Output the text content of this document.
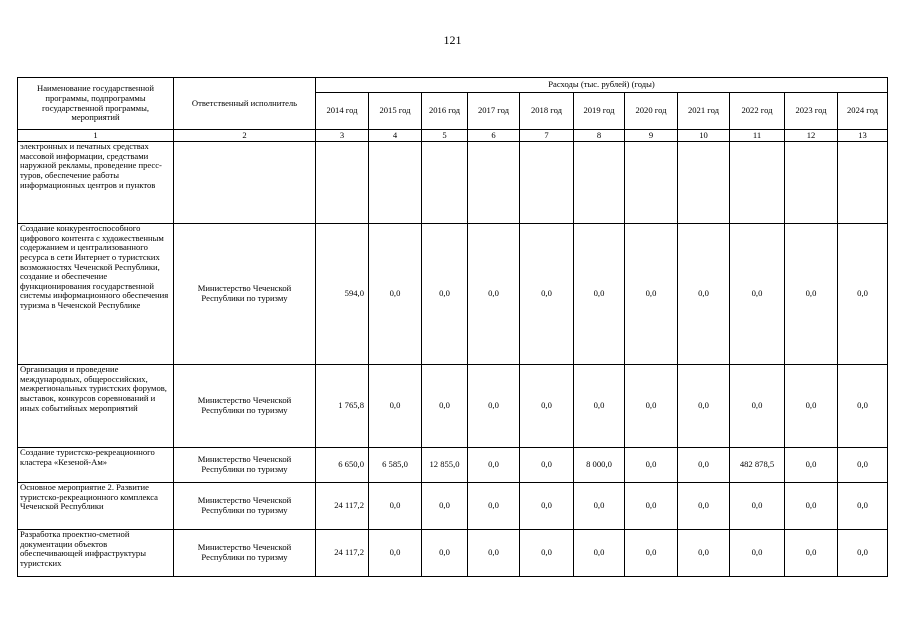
121
Наименование государственной программы, подпрограммы государственной программы, мероприятий	Ответственный исполнитель	Расходы (тыс. рублей) (годы)										
		2014 год	2015 год	2016 год	2017 год	2018 год	2019 год	2020 год	2021 год	2022 год	2023 год	2024 год
1	2	3	4	5	6	7	8	9	10	11	12	13
электронных и печатных средствах массовой информации, средствами наружной рекламы, проведение пресс-туров, обеспечение работы информационных центров и пунктов												
Создание конкурентоспособного цифрового контента с художественным содержанием и централизованного ресурса в сети Интернет о туристских возможностях Чеченской Республики, создание и обеспечение функционирования государственной системы информационного обеспечения туризма в Чеченской Республике	Министерство Чеченской Республики по туризму	594,0	0,0	0,0	0,0	0,0	0,0	0,0	0,0	0,0	0,0	0,0
Организация и проведение международных, общероссийских, межрегиональных туристских форумов, выставок, конкурсов соревнований и иных событийных мероприятий	Министерство Чеченской Республики по туризму	1 765,8	0,0	0,0	0,0	0,0	0,0	0,0	0,0	0,0	0,0	0,0
Создание туристско-рекреационного кластера «Кезеной-Ам»	Министерство Чеченской Республики по туризму	6 650,0	6 585,0	12 855,0	0,0	0,0	8 000,0	0,0	0,0	482 878,5	0,0	0,0
Основное мероприятие 2. Развитие туристско-рекреационного комплекса Чеченской Республики	Министерство Чеченской Республики по туризму	24 117,2	0,0	0,0	0,0	0,0	0,0	0,0	0,0	0,0	0,0	0,0
Разработка проектно-сметной документации объектов обеспечивающей инфраструктуры туристских	Министерство Чеченской Республики по туризму	24 117,2	0,0	0,0	0,0	0,0	0,0	0,0	0,0	0,0	0,0	0,0
